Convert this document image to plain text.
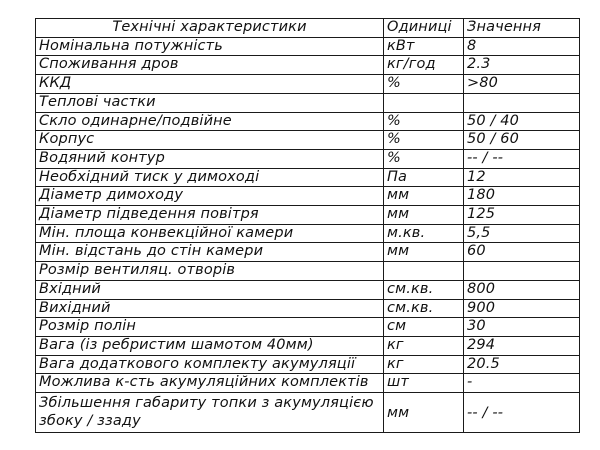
Технічні характеристики	Одиниці	Значення
Номінальна потужність	кВт	8
Споживання дров	кг/год	2.3
ККД	%	>80
Теплові частки		
Скло одинарне/подвійне	%	50 / 40
Корпус	%	50 / 60
Водяний контур	%	-- / --
Необхідний тиск у димоході	Па	12
Діаметр димоходу	мм	180
Діаметр підведення повітря	мм	125
Мін. площа конвекційної камери	м.кв.	5,5
Мін. відстань до стін камери	мм	60
Розмір вентиляц. отворів		
Вхідний	см.кв.	800
Вихідний	см.кв.	900
Розмір полін	см	30
Вага (із ребристим шамотом 40мм)	кг	294
Вага додаткового комплекту акумуляції	кг	20.5
Можлива к-сть акумуляційних комплектів	шт	-
Збільшення габариту топки з акумуляцією збоку / ззаду	мм	-- / --
